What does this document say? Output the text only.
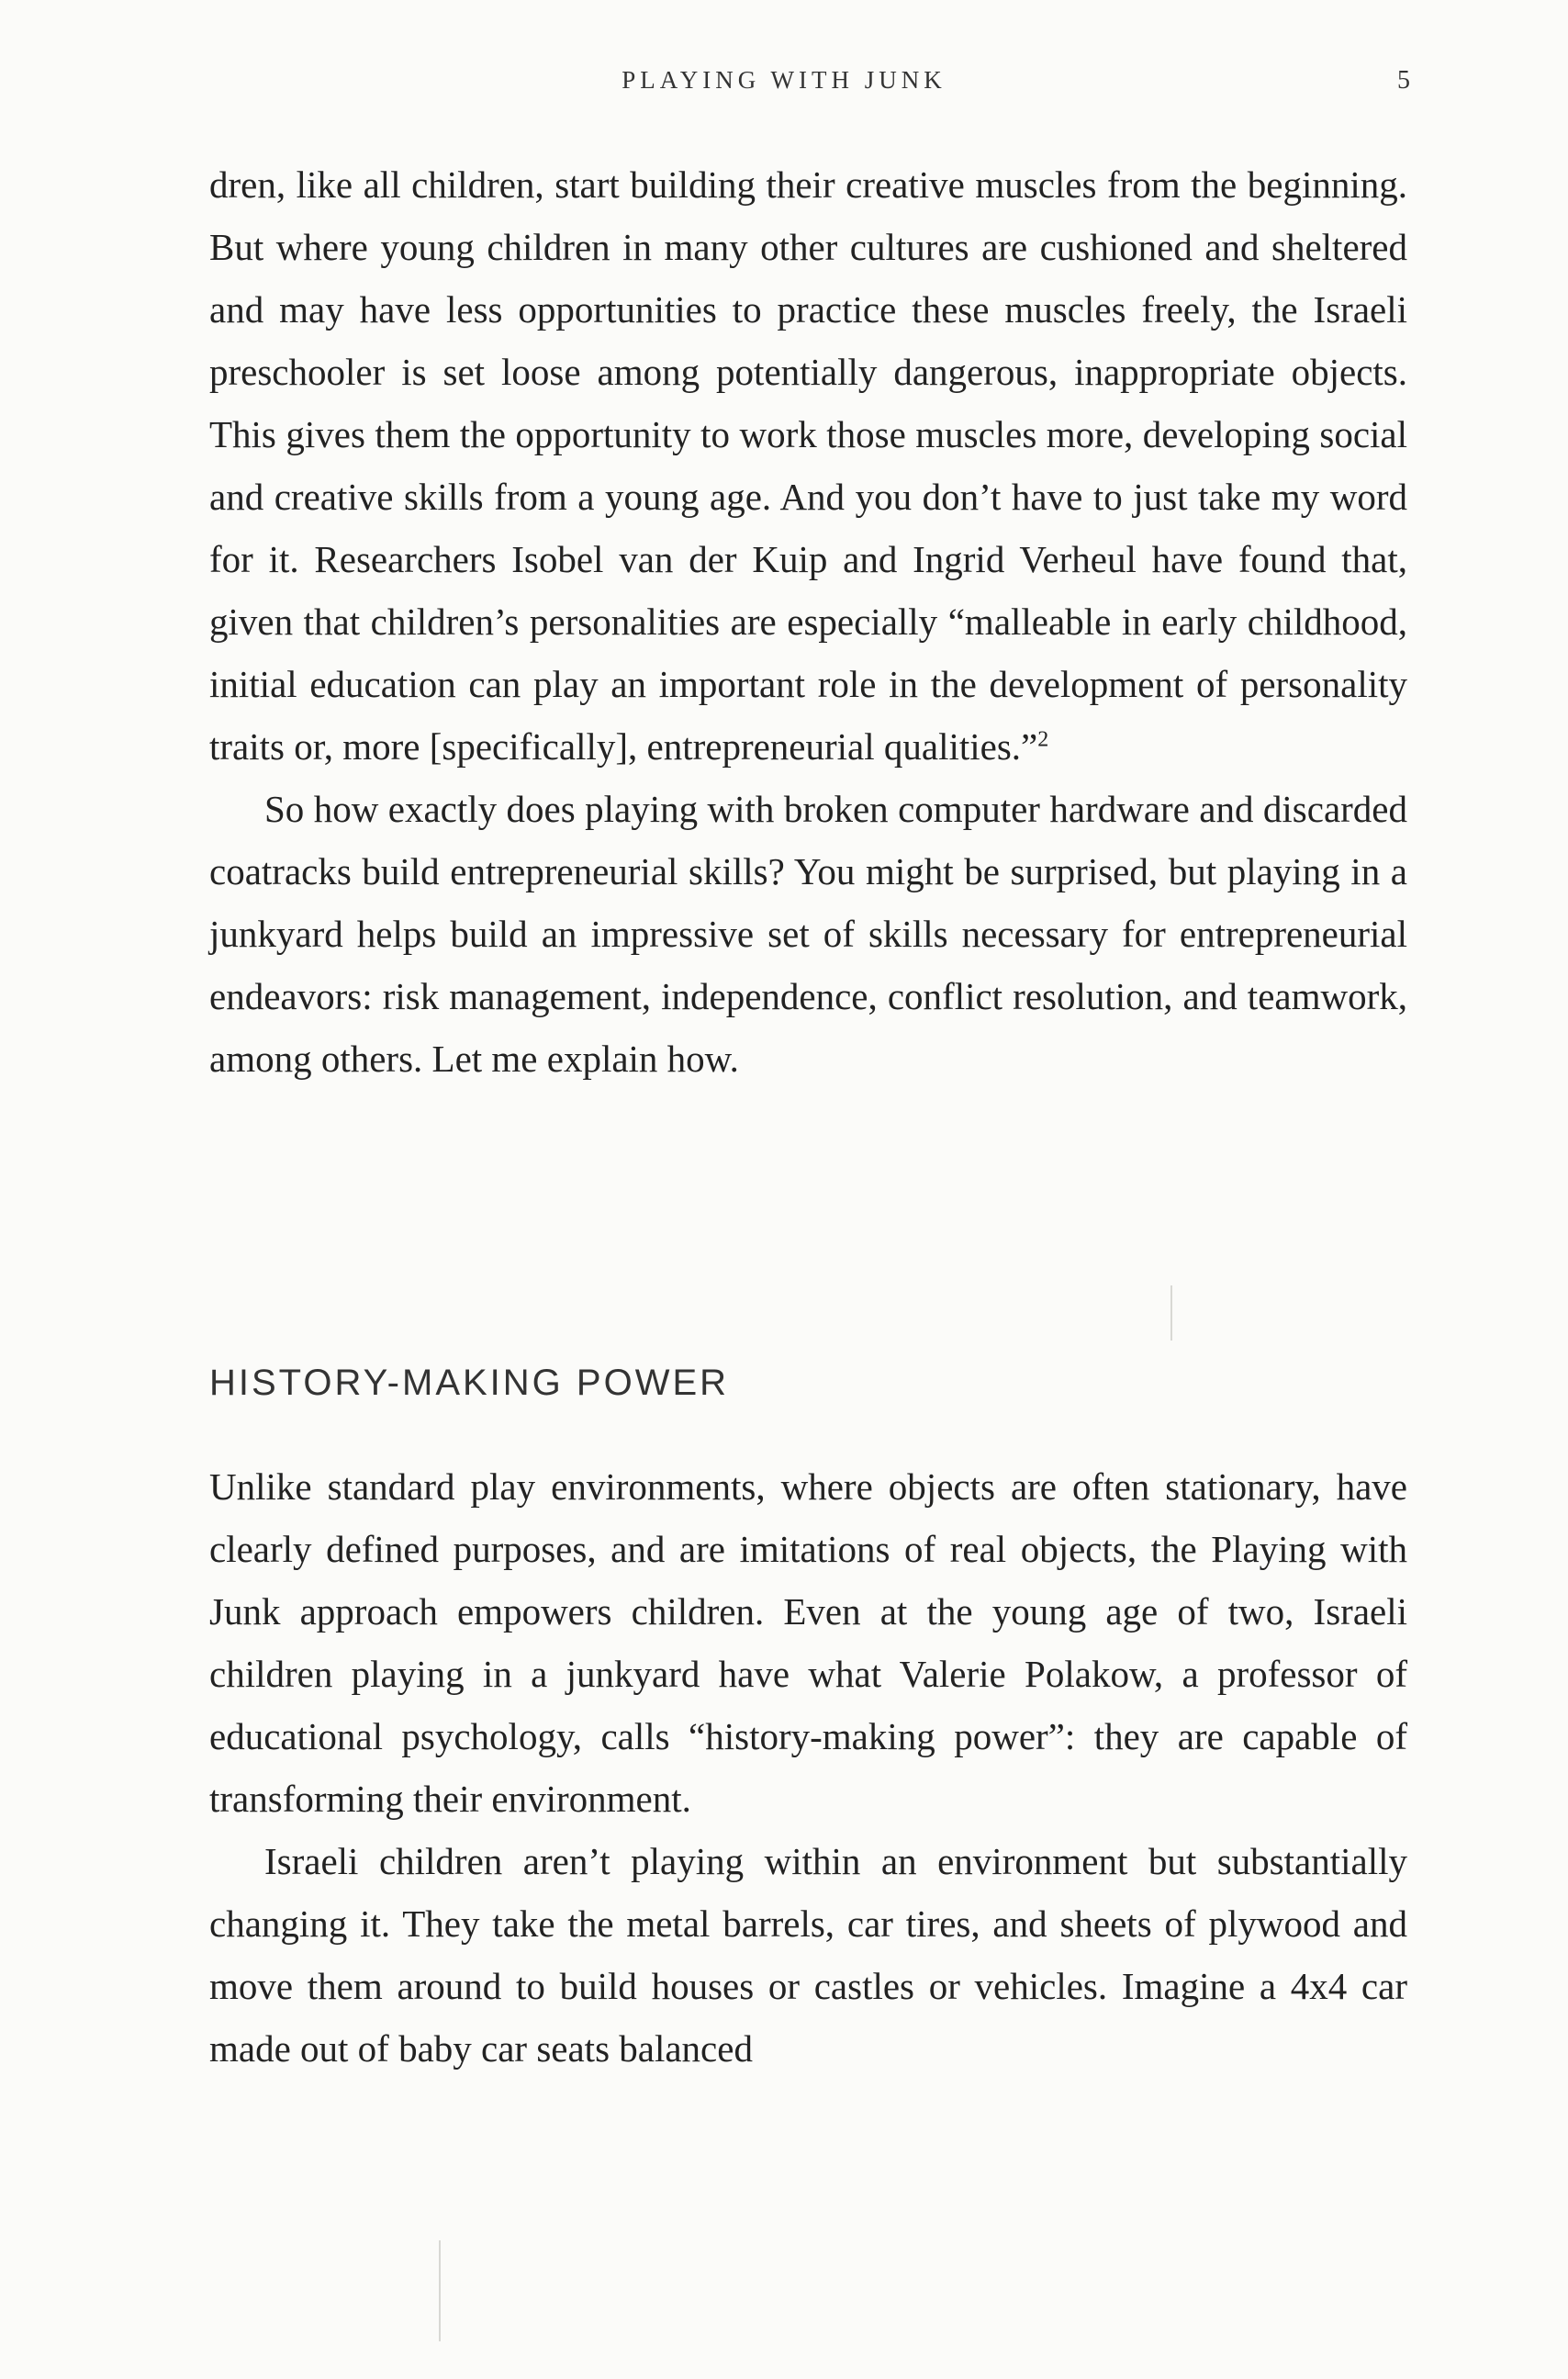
PLAYING WITH JUNK	5

dren, like all children, start building their creative muscles from the beginning. But where young children in many other cultures are cushioned and sheltered and may have less opportunities to practice these muscles freely, the Israeli preschooler is set loose among potentially dangerous, inappropriate objects. This gives them the opportunity to work those muscles more, developing social and creative skills from a young age. And you don’t have to just take my word for it. Researchers Isobel van der Kuip and Ingrid Verheul have found that, given that children’s personalities are especially “malleable in early childhood, initial education can play an important role in the development of personality traits or, more [specifically], entrepreneurial qualities.”$^2$

So how exactly does playing with broken computer hardware and discarded coatracks build entrepreneurial skills? You might be surprised, but playing in a junkyard helps build an impressive set of skills necessary for entrepreneurial endeavors: risk management, independence, conflict resolution, and teamwork, among others. Let me explain how.

HISTORY-MAKING POWER

Unlike standard play environments, where objects are often stationary, have clearly defined purposes, and are imitations of real objects, the Playing with Junk approach empowers children. Even at the young age of two, Israeli children playing in a junkyard have what Valerie Polakow, a professor of educational psychology, calls “history-making power”: they are capable of transforming their environment.

Israeli children aren’t playing within an environment but substantially changing it. They take the metal barrels, car tires, and sheets of plywood and move them around to build houses or castles or vehicles. Imagine a 4x4 car made out of baby car seats balanced
